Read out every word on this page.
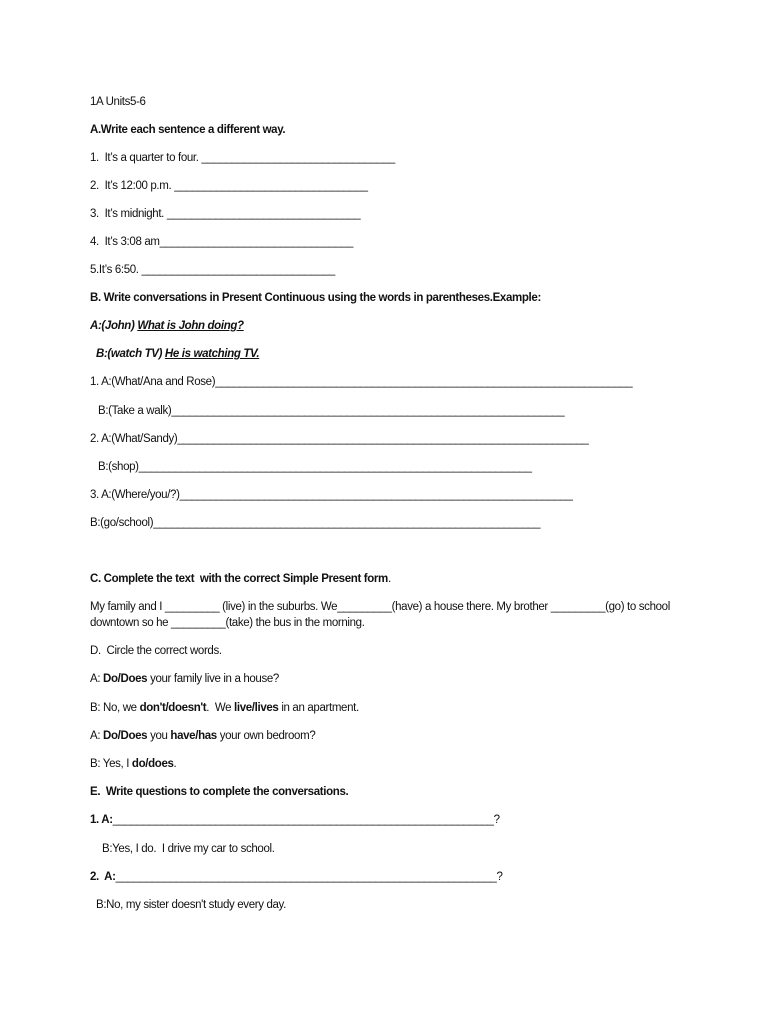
1A Units5-6
A.Write each sentence a different way.
1.  It’s a quarter to four. ________________________________
2.  It’s 12:00 p.m. ________________________________
3.  It’s midnight. ________________________________
4.  It’s 3:08 am________________________________
5.It’s 6:50. ________________________________
B. Write conversations in Present Continuous using the words in parentheses.Example:
A:(John) What is John doing?
B:(watch TV) He is watching TV.
1. A:(What/Ana and Rose)_____________________________________________________________________
B:(Take a walk)_________________________________________________________________
2. A:(What/Sandy)____________________________________________________________________
B:(shop)_________________________________________________________________
3. A:(Where/you/?)_________________________________________________________________
B:(go/school)________________________________________________________________
C. Complete the text  with the correct Simple Present form.
My family and I _________ (live) in the suburbs. We_________(have) a house there. My brother _________(go) to school downtown so he _________(take) the bus in the morning.
D.  Circle the correct words.
A: Do/Does your family live in a house?
B: No, we don't/doesn't.  We live/lives in an apartment.
A: Do/Does you have/has your own bedroom?
B: Yes, I do/does.
E.  Write questions to complete the conversations.
1. A:_______________________________________________________________?
B:Yes, I do.  I drive my car to school.
2.  A:_______________________________________________________________?
B:No, my sister doesn't study every day.
